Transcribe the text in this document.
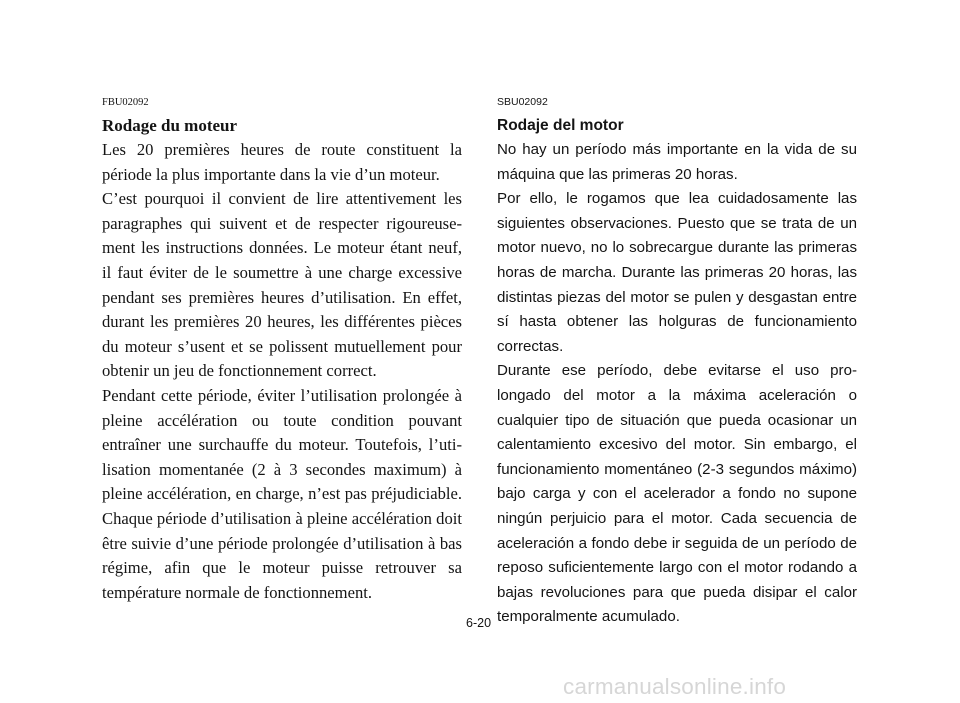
FBU02092
Rodage du moteur

Les 20 premières heures de route constituent la période la plus importante dans la vie d’un moteur.

C’est pourquoi il convient de lire attentivement les paragraphes qui suivent et de respecter rigoureusement les instructions données. Le moteur étant neuf, il faut éviter de le soumettre à une charge excessive pendant ses premières heures d’utilisation. En effet, durant les premières 20 heures, les différentes pièces du moteur s’usent et se polissent mutuellement pour obtenir un jeu de fonctionnement correct.

Pendant cette période, éviter l’utilisation prolongée à pleine accélération ou toute condition pouvant entraîner une surchauffe du moteur. Toutefois, l’utilisation momentanée (2 à 3 secondes maximum) à pleine accélération, en charge, n’est pas préjudiciable. Chaque période d’utilisation à pleine accélération doit être suivie d’une période prolongée d’utilisation à bas régime, afin que le moteur puisse retrouver sa température normale de fonctionnement.

SBU02092
Rodaje del motor

No hay un período más importante en la vida de su máquina que las primeras 20 horas.

Por ello, le rogamos que lea cuidadosamente las siguientes observaciones. Puesto que se trata de un motor nuevo, no lo sobrecargue durante las primeras horas de marcha. Durante las primeras 20 horas, las distintas piezas del motor se pulen y desgastan entre sí hasta obtener las holguras de funcionamiento correctas.

Durante ese período, debe evitarse el uso prolongado del motor a la máxima aceleración o cualquier tipo de situación que pueda ocasionar un calentamiento excesivo del motor. Sin embargo, el funcionamiento momentáneo (2-3 segundos máximo) bajo carga y con el acelerador a fondo no supone ningún perjuicio para el motor. Cada secuencia de aceleración a fondo debe ir seguida de un período de reposo suficientemente largo con el motor rodando a bajas revoluciones para que pueda disipar el calor temporalmente acumulado.

6-20
carmanualsonline.info
